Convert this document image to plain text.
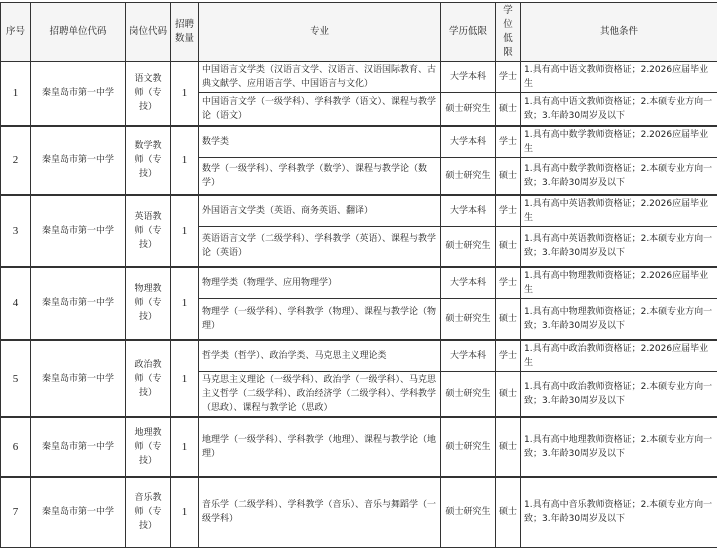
序号	招聘单位代码	岗位代码	招聘数量	专业	学历低限	学位低限	其他条件
1	秦皇岛市第一中学	语文教师（专技）	1	中国语言文学类（汉语言文学、汉语言、汉语国际教育、古典文献学、应用语言学、中国语言与文化）	大学本科	学士	1.具有高中语文教师资格证；2.2026应届毕业生
				中国语言文学（一级学科）、学科教学（语文）、课程与教学论（语文）	硕士研究生	硕士	1.具有高中语文教师资格证；2.本硕专业方向一致；3.年龄30周岁及以下
2	秦皇岛市第一中学	数学教师（专技）	1	数学类	大学本科	学士	1.具有高中数学教师资格证；2.2026应届毕业生
				数学（一级学科）、学科教学（数学）、课程与教学论（数学）	硕士研究生	硕士	1.具有高中数学教师资格证；2.本硕专业方向一致；3.年龄30周岁及以下
3	秦皇岛市第一中学	英语教师（专技）	1	外国语言文学类（英语、商务英语、翻译）	大学本科	学士	1.具有高中英语教师资格证；2.2026应届毕业生
				英语语言文学（二级学科）、学科教学（英语）、课程与教学论（英语）	硕士研究生	硕士	1.具有高中英语教师资格证；2.本硕专业方向一致；3.年龄30周岁及以下
4	秦皇岛市第一中学	物理教师（专技）	1	物理学类（物理学、应用物理学）	大学本科	学士	1.具有高中物理教师资格证；2.2026应届毕业生
				物理学（一级学科）、学科教学（物理）、课程与教学论（物理）	硕士研究生	硕士	1.具有高中物理教师资格证；2.本硕专业方向一致；3.年龄30周岁及以下
5	秦皇岛市第一中学	政治教师（专技）	1	哲学类（哲学）、政治学类、马克思主义理论类	大学本科	学士	1.具有高中政治教师资格证；2.2026应届毕业生
				马克思主义理论（一级学科）、政治学（一级学科）、马克思主义哲学（二级学科）、政治经济学（二级学科）、学科教学（思政）、课程与教学论（思政）	硕士研究生	硕士	1.具有高中政治教师资格证；2.本硕专业方向一致；3.年龄30周岁及以下
6	秦皇岛市第一中学	地理教师（专技）	1	地理学（一级学科）、学科教学（地理）、课程与教学论（地理）	硕士研究生	硕士	1.具有高中地理教师资格证；2.本硕专业方向一致；3.年龄30周岁及以下
7	秦皇岛市第一中学	音乐教师（专技）	1	音乐学（二级学科）、学科教学（音乐）、音乐与舞蹈学（一级学科）	硕士研究生	硕士	1.具有高中音乐教师资格证；2.本硕专业方向一致；3.年龄30周岁及以下
